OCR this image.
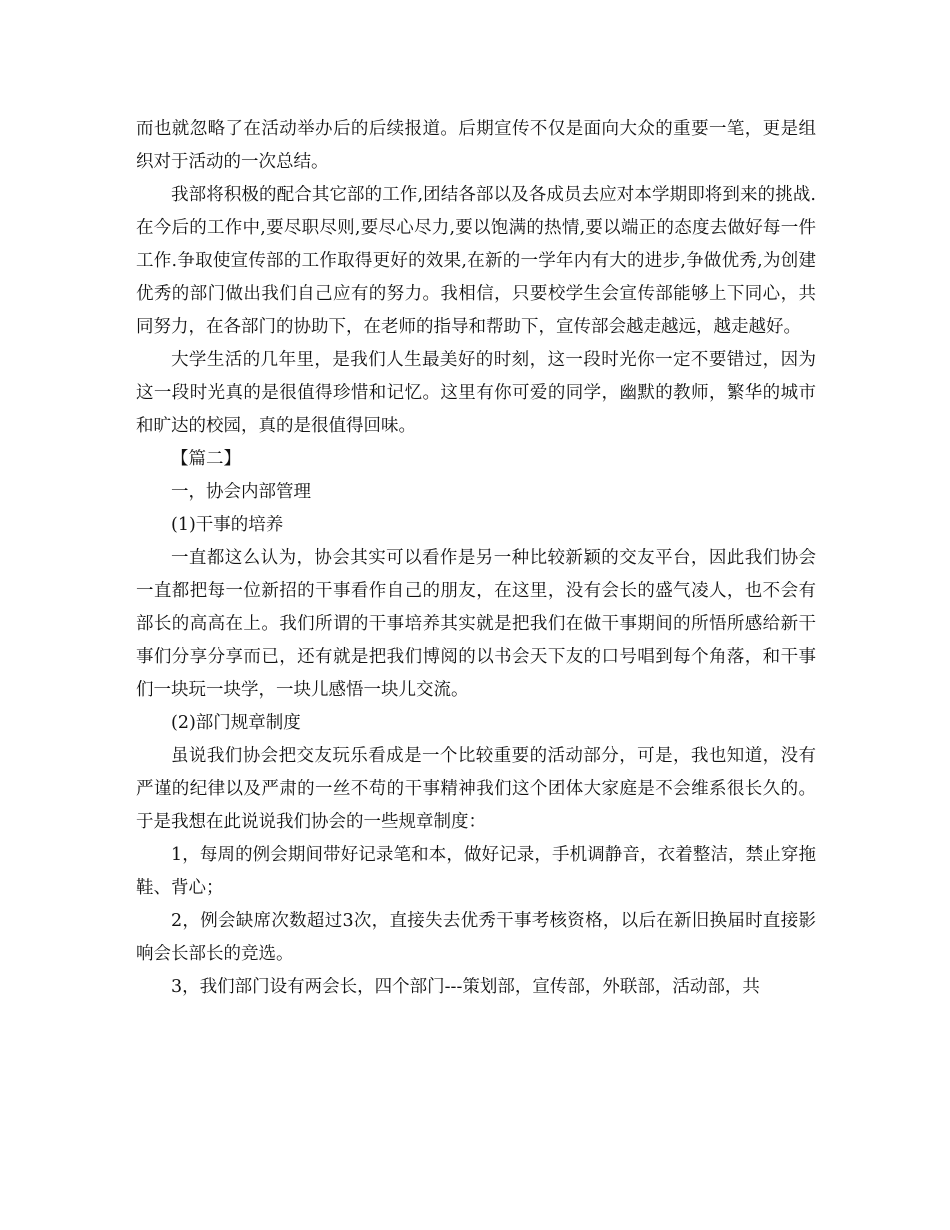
而也就忽略了在活动举办后的后续报道。后期宣传不仅是面向大众的重要一笔，更是组织对于活动的一次总结。

我部将积极的配合其它部的工作,团结各部以及各成员去应对本学期即将到来的挑战.在今后的工作中,要尽职尽则,要尽心尽力,要以饱满的热情,要以端正的态度去做好每一件工作.争取使宣传部的工作取得更好的效果,在新的一学年内有大的进步,争做优秀,为创建优秀的部门做出我们自己应有的努力。我相信，只要校学生会宣传部能够上下同心，共同努力，在各部门的协助下，在老师的指导和帮助下，宣传部会越走越远，越走越好。

大学生活的几年里，是我们人生最美好的时刻，这一段时光你一定不要错过，因为这一段时光真的是很值得珍惜和记忆。这里有你可爱的同学，幽默的教师，繁华的城市和旷达的校园，真的是很值得回味。

【篇二】

一，协会内部管理

(1)干事的培养

一直都这么认为，协会其实可以看作是另一种比较新颖的交友平台，因此我们协会一直都把每一位新招的干事看作自己的朋友，在这里，没有会长的盛气凌人，也不会有部长的高高在上。我们所谓的干事培养其实就是把我们在做干事期间的所悟所感给新干事们分享分享而已，还有就是把我们博阅的以书会天下友的口号唱到每个角落，和干事们一块玩一块学，一块儿感悟一块儿交流。

(2)部门规章制度

虽说我们协会把交友玩乐看成是一个比较重要的活动部分，可是，我也知道，没有严谨的纪律以及严肃的一丝不苟的干事精神我们这个团体大家庭是不会维系很长久的。于是我想在此说说我们协会的一些规章制度：

1，每周的例会期间带好记录笔和本，做好记录，手机调静音，衣着整洁，禁止穿拖鞋、背心；

2，例会缺席次数超过3次，直接失去优秀干事考核资格，以后在新旧换届时直接影响会长部长的竞选。

3，我们部门设有两会长，四个部门---策划部，宣传部，外联部，活动部，共
